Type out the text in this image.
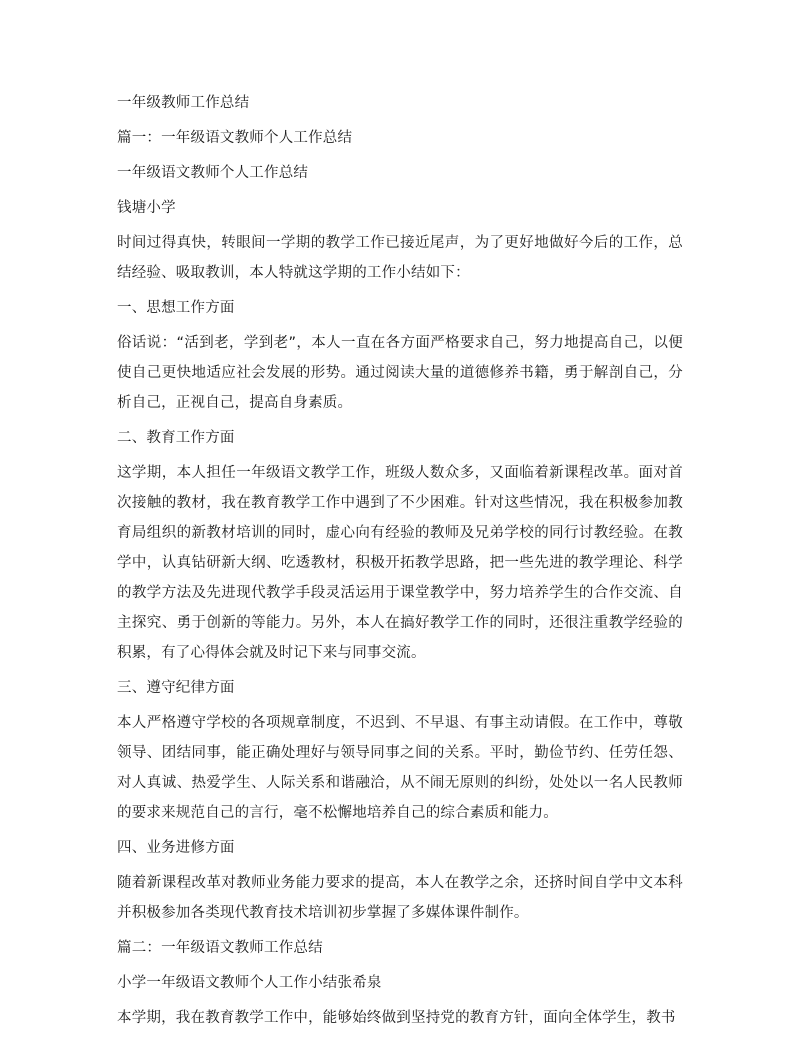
一年级教师工作总结

篇一：一年级语文教师个人工作总结

一年级语文教师个人工作总结

钱塘小学

时间过得真快，转眼间一学期的教学工作已接近尾声，为了更好地做好今后的工作，总结经验、吸取教训，本人特就这学期的工作小结如下：

一、思想工作方面

俗话说：“活到老，学到老”，本人一直在各方面严格要求自己，努力地提高自己，以便使自己更快地适应社会发展的形势。通过阅读大量的道德修养书籍，勇于解剖自己，分析自己，正视自己，提高自身素质。

二、教育工作方面

这学期，本人担任一年级语文教学工作，班级人数众多，又面临着新课程改革。面对首次接触的教材，我在教育教学工作中遇到了不少困难。针对这些情况，我在积极参加教育局组织的新教材培训的同时，虚心向有经验的教师及兄弟学校的同行讨教经验。在教学中，认真钻研新大纲、吃透教材，积极开拓教学思路，把一些先进的教学理论、科学的教学方法及先进现代教学手段灵活运用于课堂教学中，努力培养学生的合作交流、自主探究、勇于创新的等能力。另外，本人在搞好教学工作的同时，还很注重教学经验的积累，有了心得体会就及时记下来与同事交流。

三、遵守纪律方面

本人严格遵守学校的各项规章制度，不迟到、不早退、有事主动请假。在工作中，尊敬领导、团结同事，能正确处理好与领导同事之间的关系。平时，勤俭节约、任劳任怨、对人真诚、热爱学生、人际关系和谐融洽，从不闹无原则的纠纷，处处以一名人民教师的要求来规范自己的言行，毫不松懈地培养自己的综合素质和能力。

四、业务进修方面

随着新课程改革对教师业务能力要求的提高，本人在教学之余，还挤时间自学中文本科并积极参加各类现代教育技术培训初步掌握了多媒体课件制作。

篇二：一年级语文教师工作总结

小学一年级语文教师个人工作小结张希泉

本学期，我在教育教学工作中，能够始终做到坚持党的教育方针，面向全体学生，教书
